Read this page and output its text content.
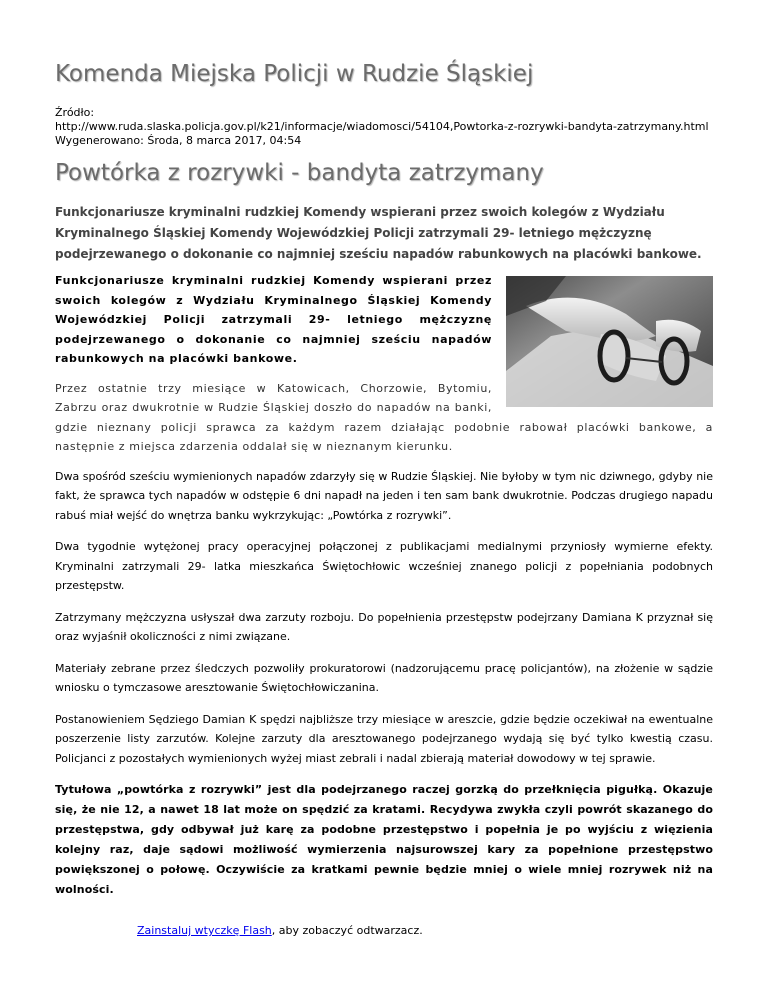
Komenda Miejska Policji w Rudzie Śląskiej
Źródło:
http://www.ruda.slaska.policja.gov.pl/k21/informacje/wiadomosci/54104,Powtorka-z-rozrywki-bandyta-zatrzymany.html
Wygenerowano: Środa, 8 marca 2017, 04:54
Powtórka z rozrywki - bandyta zatrzymany

Funkcjonariusze kryminalni rudzkiej Komendy wspierani przez swoich kolegów z Wydziału Kryminalnego Śląskiej Komendy Wojewódzkiej Policji zatrzymali 29- letniego mężczyznę podejrzewanego o dokonanie co najmniej sześciu napadów rabunkowych na placówki bankowe.

Funkcjonariusze kryminalni rudzkiej Komendy wspierani przez swoich kolegów z Wydziału Kryminalnego Śląskiej Komendy Wojewódzkiej Policji zatrzymali 29- letniego mężczyznę podejrzewanego o dokonanie co najmniej sześciu napadów rabunkowych na placówki bankowe.

Przez ostatnie trzy miesiące w Katowicach, Chorzowie, Bytomiu, Zabrzu oraz dwukrotnie w Rudzie Śląskiej doszło do napadów na banki, gdzie nieznany policji sprawca za każdym razem działając podobnie rabował placówki bankowe, a następnie z miejsca zdarzenia oddalał się w nieznanym kierunku.

Dwa spośród sześciu wymienionych napadów zdarzyły się w Rudzie Śląskiej. Nie byłoby w tym nic dziwnego, gdyby nie fakt, że sprawca tych napadów w odstępie 6 dni napadł na jeden i ten sam bank dwukrotnie. Podczas drugiego napadu rabuś miał wejść do wnętrza banku wykrzykując: „Powtórka z rozrywki”.

Dwa tygodnie wytężonej pracy operacyjnej połączonej z publikacjami medialnymi przyniosły wymierne efekty. Kryminalni zatrzymali 29- latka mieszkańca Świętochłowic wcześniej znanego policji z popełniania podobnych przestępstw.

Zatrzymany mężczyzna usłyszał dwa zarzuty rozboju. Do popełnienia przestępstw podejrzany Damiana K przyznał się oraz wyjaśnił okoliczności z nimi związane.

Materiały zebrane przez śledczych pozwoliły prokuratorowi (nadzorującemu pracę policjantów), na złożenie w sądzie wniosku o tymczasowe aresztowanie Świętochłowiczanina.

Postanowieniem Sędziego Damian K spędzi najbliższe trzy miesiące w areszcie, gdzie będzie oczekiwał na ewentualne poszerzenie listy zarzutów. Kolejne zarzuty dla aresztowanego podejrzanego wydają się być tylko kwestią czasu. Policjanci z pozostałych wymienionych wyżej miast zebrali i nadal zbierają materiał dowodowy w tej sprawie.

Tytułowa „powtórka z rozrywki” jest dla podejrzanego raczej gorzką do przełknięcia pigułką. Okazuje się, że nie 12, a nawet 18 lat może on spędzić za kratami. Recydywa zwykła czyli powrót skazanego do przestępstwa, gdy odbywał już karę za podobne przestępstwo i popełnia je po wyjściu z więzienia kolejny raz, daje sądowi możliwość wymierzenia najsurowszej kary za popełnione przestępstwo powiększonej o połowę. Oczywiście za kratkami pewnie będzie mniej o wiele mniej rozrywek niż na wolności.

Zainstaluj wtyczkę Flash, aby zobaczyć odtwarzacz.
